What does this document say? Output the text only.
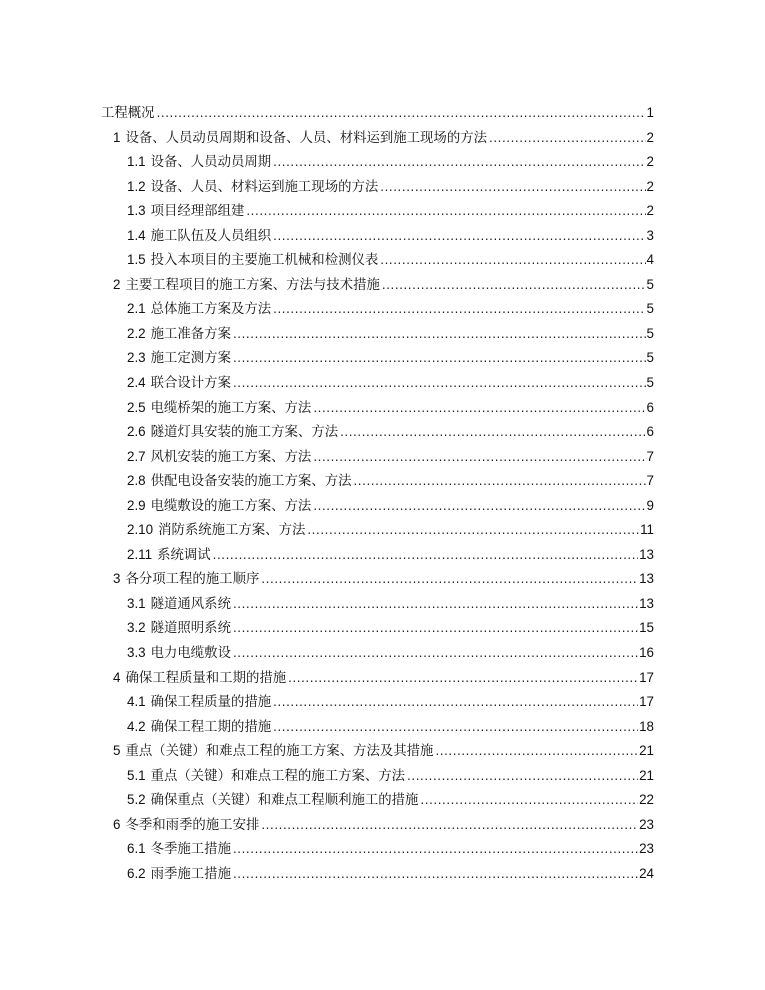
工程概况 .....	1
1 设备、人员动员周期和设备、人员、材料运到施工现场的方法 .....	2
1.1 设备、人员动员周期 .....	2
1.2 设备、人员、材料运到施工现场的方法 .....	2
1.3 项目经理部组建 .....	2
1.4 施工队伍及人员组织 .....	3
1.5 投入本项目的主要施工机械和检测仪表 .....	4
2 主要工程项目的施工方案、方法与技术措施 .....	5
2.1 总体施工方案及方法 .....	5
2.2 施工准备方案 .....	5
2.3 施工定测方案 .....	5
2.4 联合设计方案 .....	5
2.5 电缆桥架的施工方案、方法 .....	6
2.6 隧道灯具安装的施工方案、方法 .....	6
2.7 风机安装的施工方案、方法 .....	7
2.8 供配电设备安装的施工方案、方法 .....	7
2.9 电缆敷设的施工方案、方法 .....	9
2.10 消防系统施工方案、方法 .....	11
2.11 系统调试 .....	13
3 各分项工程的施工顺序 .....	13
3.1 隧道通风系统 .....	13
3.2 隧道照明系统 .....	15
3.3 电力电缆敷设 .....	16
4 确保工程质量和工期的措施 .....	17
4.1 确保工程质量的措施 .....	17
4.2 确保工程工期的措施 .....	18
5 重点（关键）和难点工程的施工方案、方法及其措施 .....	21
5.1 重点（关键）和难点工程的施工方案、方法 .....	21
5.2 确保重点（关键）和难点工程顺利施工的措施 .....	22
6 冬季和雨季的施工安排 .....	23
6.1 冬季施工措施 .....	23
6.2 雨季施工措施 .....	24
